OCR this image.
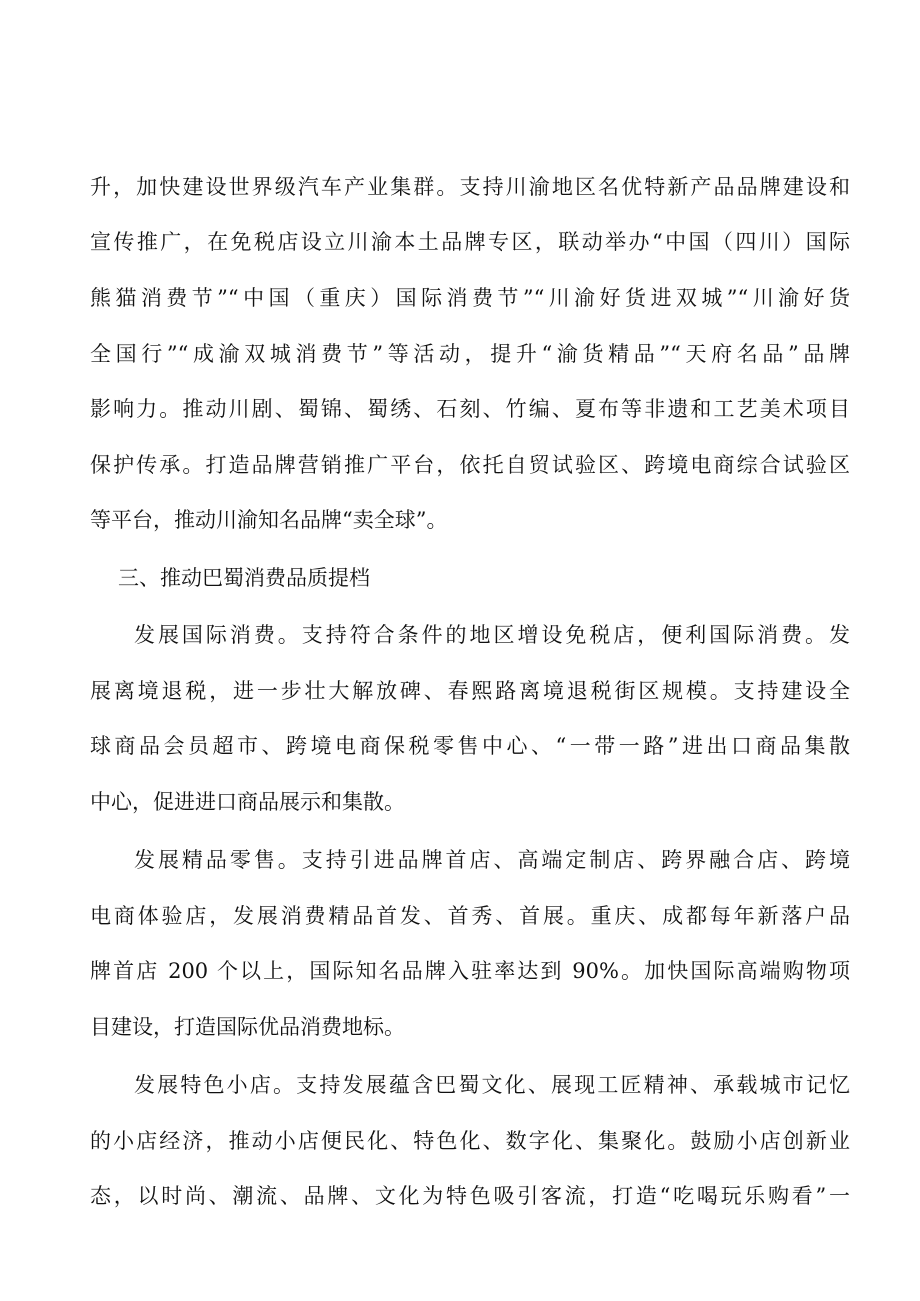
升，加快建设世界级汽车产业集群。支持川渝地区名优特新产品品牌建设和
宣传推广，在免税店设立川渝本土品牌专区，联动举办“中国（四川）国际
熊猫消费节”“中国（重庆）国际消费节”“川渝好货进双城”“川渝好货
全国行”“成渝双城消费节”等活动，提升“渝货精品”“天府名品”品牌
影响力。推动川剧、蜀锦、蜀绣、石刻、竹编、夏布等非遗和工艺美术项目
保护传承。打造品牌营销推广平台，依托自贸试验区、跨境电商综合试验区
等平台，推动川渝知名品牌“卖全球”。
三、推动巴蜀消费品质提档
发展国际消费。支持符合条件的地区增设免税店，便利国际消费。发
展离境退税，进一步壮大解放碑、春熙路离境退税街区规模。支持建设全
球商品会员超市、跨境电商保税零售中心、“一带一路”进出口商品集散
中心，促进进口商品展示和集散。
发展精品零售。支持引进品牌首店、高端定制店、跨界融合店、跨境
电商体验店，发展消费精品首发、首秀、首展。重庆、成都每年新落户品
牌首店 200 个以上，国际知名品牌入驻率达到 90%。加快国际高端购物项
目建设，打造国际优品消费地标。
发展特色小店。支持发展蕴含巴蜀文化、展现工匠精神、承载城市记忆
的小店经济，推动小店便民化、特色化、数字化、集聚化。鼓励小店创新业
态，以时尚、潮流、品牌、文化为特色吸引客流，打造“吃喝玩乐购看”一
